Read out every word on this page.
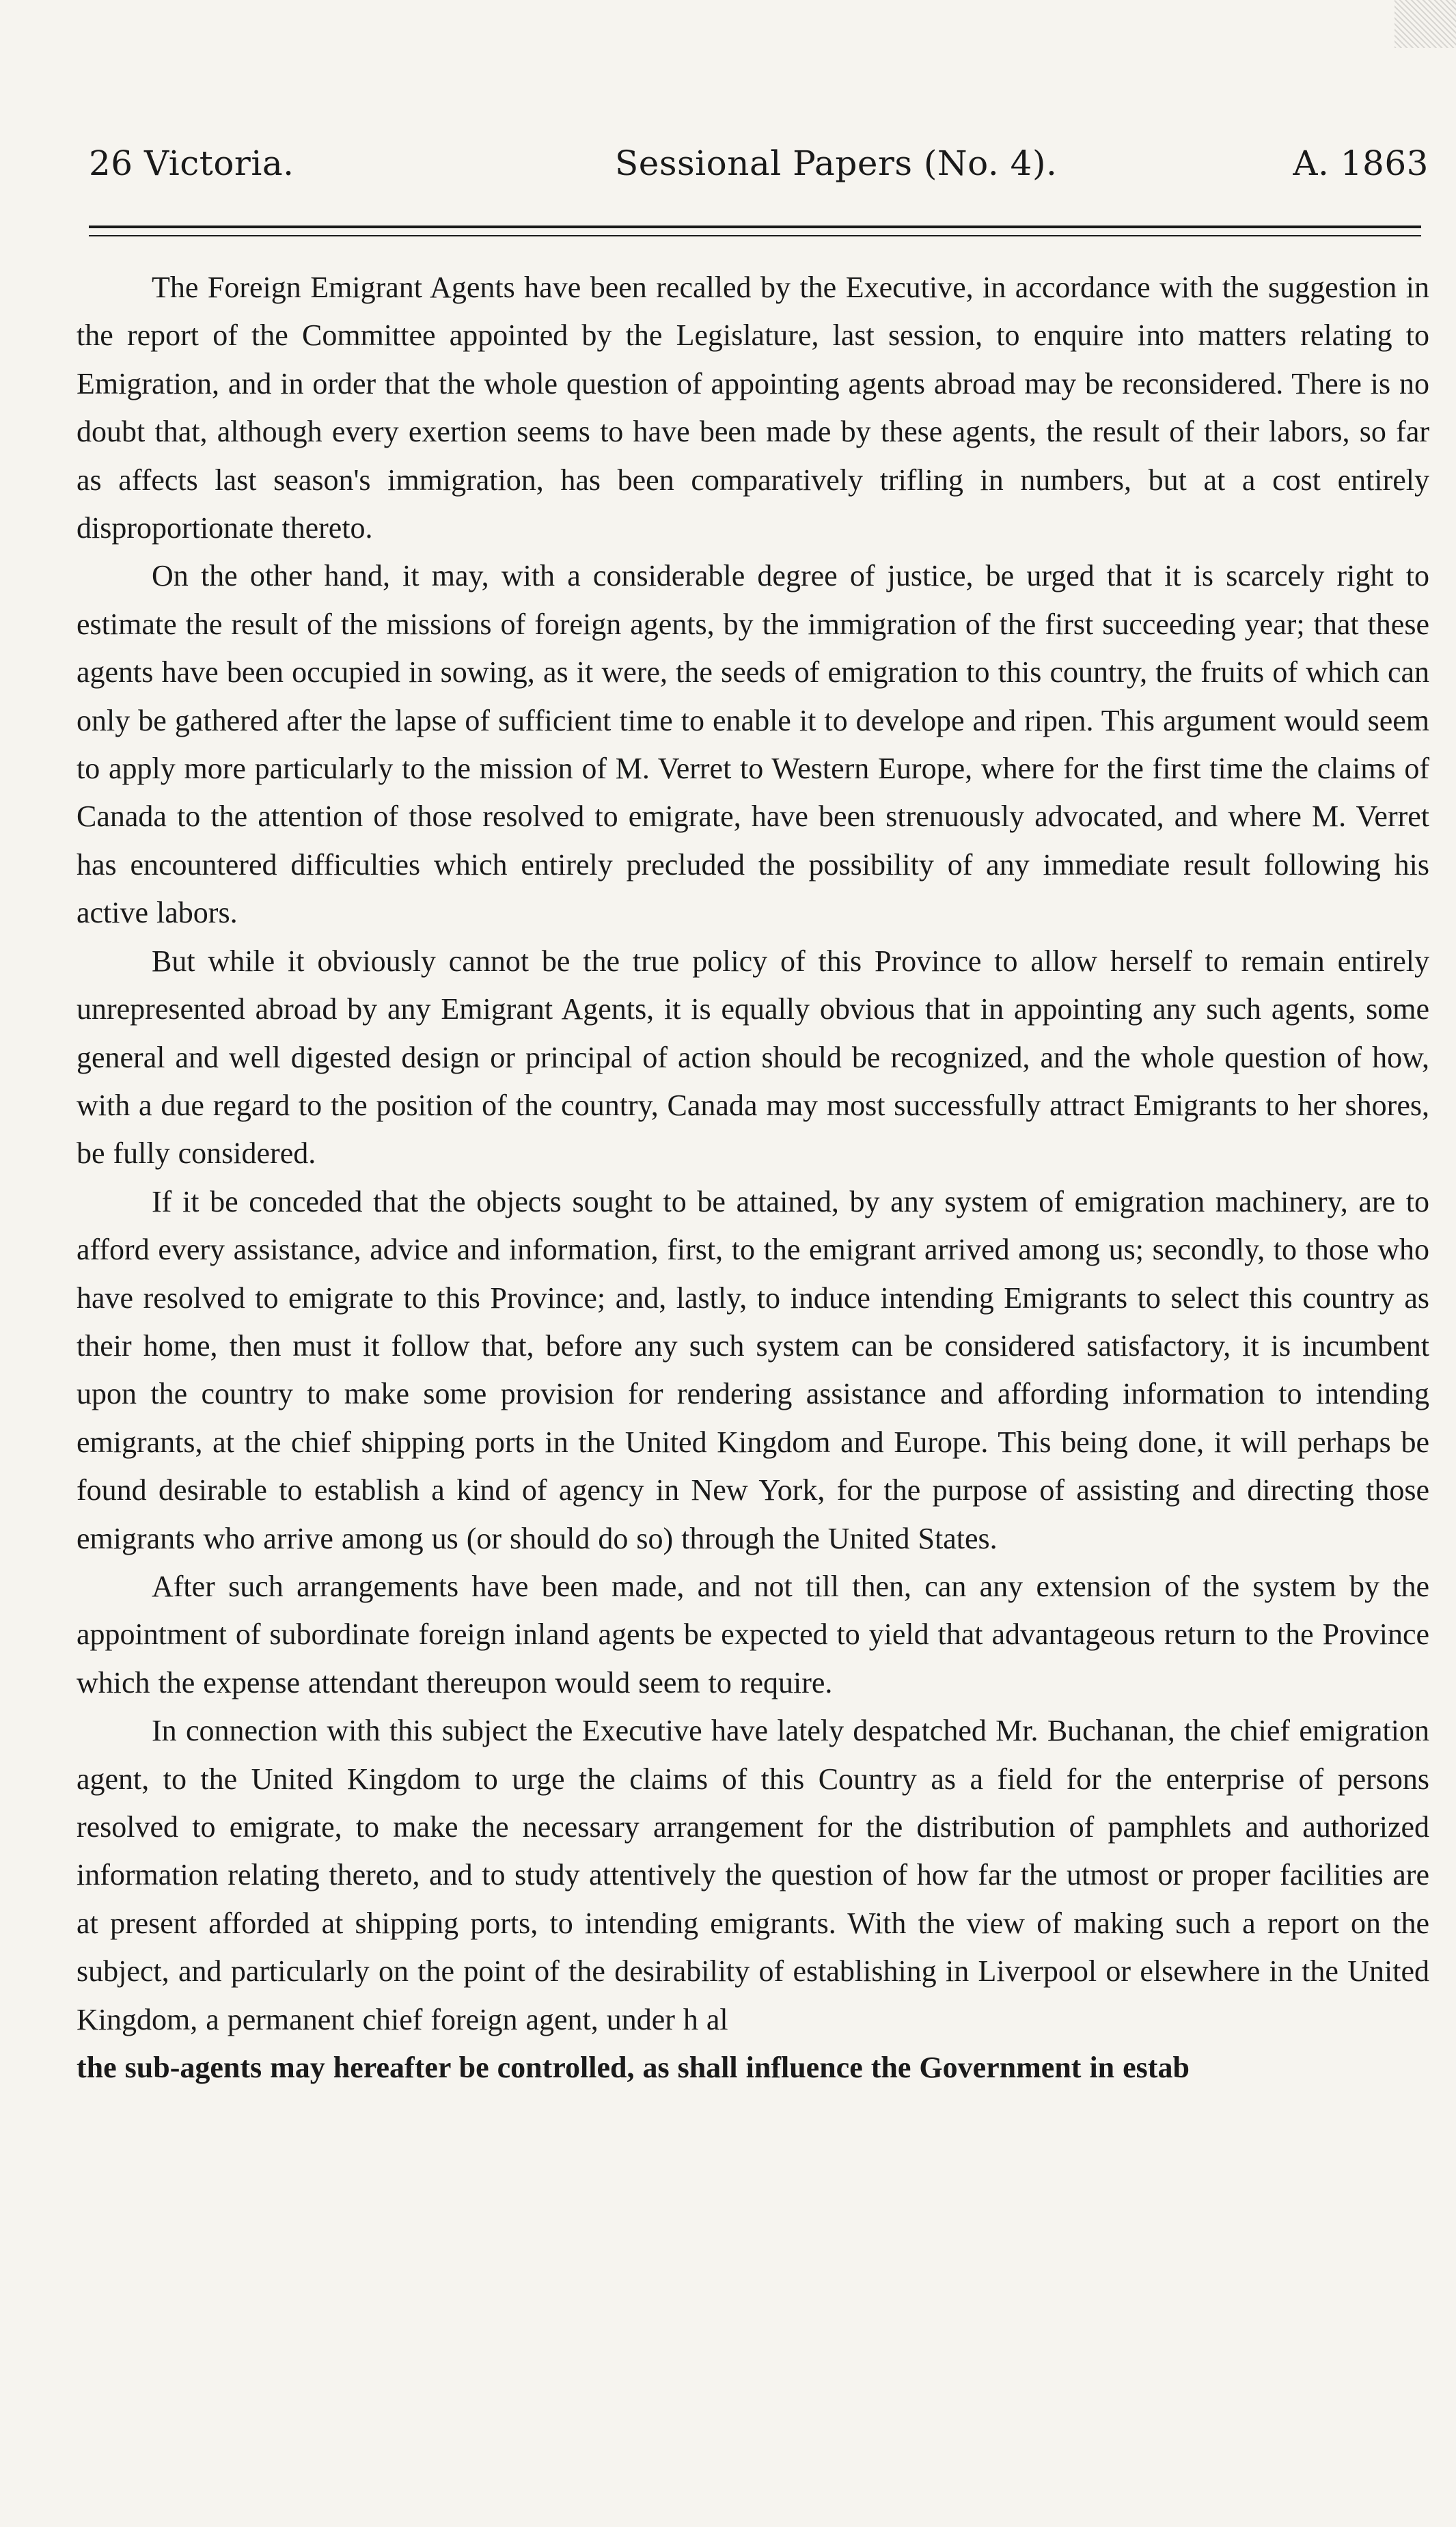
26 Victoria.	Sessional Papers (No. 4).	A. 1863

The Foreign Emigrant Agents have been recalled by the Executive, in accordance with the suggestion in the report of the Committee appointed by the Legislature, last session, to enquire into matters relating to Emigration, and in order that the whole question of appointing agents abroad may be reconsidered. There is no doubt that, although every exertion seems to have been made by these agents, the result of their labors, so far as affects last season's immigration, has been comparatively trifling in numbers, but at a cost entirely disproportionate thereto.

On the other hand, it may, with a considerable degree of justice, be urged that it is scarcely right to estimate the result of the missions of foreign agents, by the immigration of the first succeeding year; that these agents have been occupied in sowing, as it were, the seeds of emigration to this country, the fruits of which can only be gathered after the lapse of sufficient time to enable it to develope and ripen. This argument would seem to apply more particularly to the mission of M. Verret to Western Europe, where for the first time the claims of Canada to the attention of those resolved to emigrate, have been strenuously advocated, and where M. Verret has encountered difficulties which entirely precluded the possibility of any immediate result following his active labors.

But while it obviously cannot be the true policy of this Province to allow herself to remain entirely unrepresented abroad by any Emigrant Agents, it is equally obvious that in appointing any such agents, some general and well digested design or principal of action should be recognized, and the whole question of how, with a due regard to the position of the country, Canada may most successfully attract Emigrants to her shores, be fully considered.

If it be conceded that the objects sought to be attained, by any system of emigration machinery, are to afford every assistance, advice and information, first, to the emigrant arrived among us; secondly, to those who have resolved to emigrate to this Province; and, lastly, to induce intending Emigrants to select this country as their home, then must it follow that, before any such system can be considered satisfactory, it is incumbent upon the country to make some provision for rendering assistance and affording information to intending emigrants, at the chief shipping ports in the United Kingdom and Europe. This being done, it will perhaps be found desirable to establish a kind of agency in New York, for the purpose of assisting and directing those emigrants who arrive among us (or should do so) through the United States.

After such arrangements have been made, and not till then, can any extension of the system by the appointment of subordinate foreign inland agents be expected to yield that advantageous return to the Province which the expense attendant thereupon would seem to require.

In connection with this subject the Executive have lately despatched Mr. Buchanan, the chief emigration agent, to the United Kingdom to urge the claims of this Country as a field for the enterprise of persons resolved to emigrate, to make the necessary arrangement for the distribution of pamphlets and authorized information relating thereto, and to study attentively the question of how far the utmost or proper facilities are at present afforded at shipping ports, to intending emigrants. With the view of making such a report on the subject, and particularly on the point of the desirability of establishing in Liverpool or elsewhere in the United Kingdom, a permanent chief foreign agent, under h al

the sub-agents may hereafter be controlled, as shall influence the Government in estab
